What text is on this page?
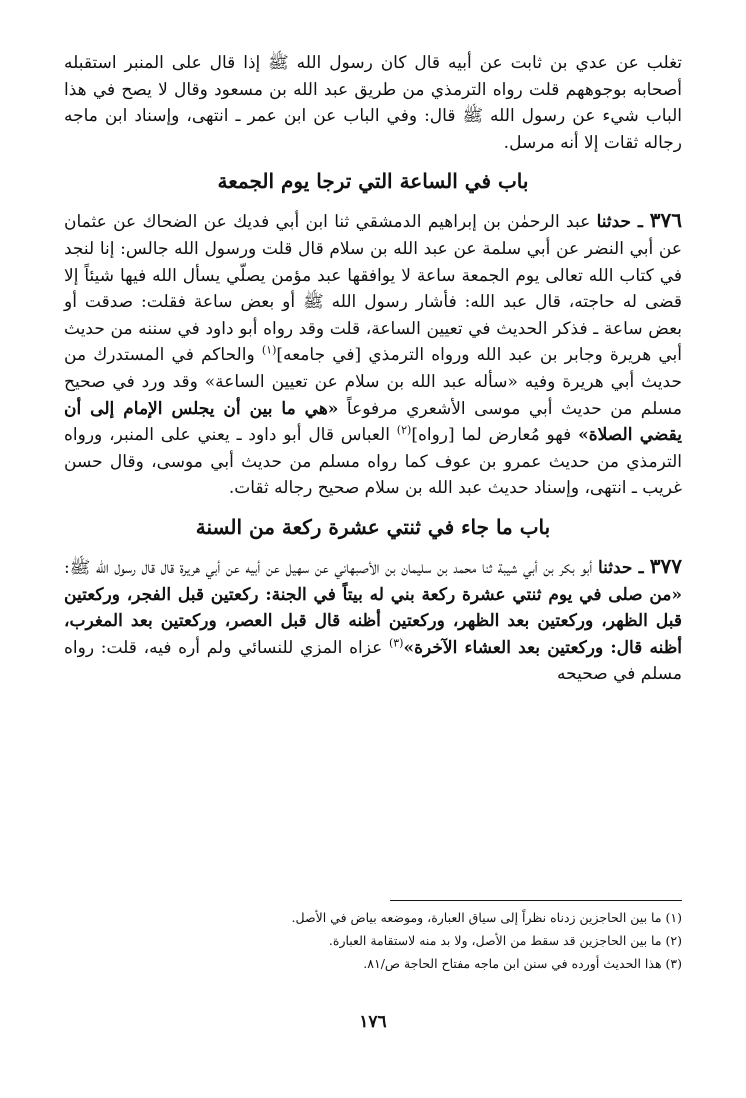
تغلب عن عدي بن ثابت عن أبيه قال كان رسول الله ﷺ إذا قال على المنبر استقبله أصحابه بوجوههم قلت رواه الترمذي من طريق عبد الله بن مسعود وقال لا يصح في هذا الباب شيء عن رسول الله ﷺ قال: وفي الباب عن ابن عمر ـ انتهى، وإسناد ابن ماجه رجاله ثقات إلا أنه مرسل.

باب في الساعة التي ترجا يوم الجمعة

٣٧٦ ـ حدثنا عبد الرحمٰن بن إبراهيم الدمشقي ثنا ابن أبي فديك عن الضحاك عن عثمان عن أبي النضر عن أبي سلمة عن عبد الله بن سلام قال قلت ورسول الله جالس: إنا لنجد في كتاب الله تعالى يوم الجمعة ساعة لا يوافقها عبد مؤمن يصلّي يسأل الله فيها شيئاً إلا قضى له حاجته، قال عبد الله: فأشار رسول الله ﷺ أو بعض ساعة فقلت: صدقت أو بعض ساعة ـ فذكر الحديث في تعيين الساعة، قلت وقد رواه أبو داود في سننه من حديث أبي هريرة وجابر بن عبد الله ورواه الترمذي [في جامعه]$^{(١)}$ والحاكم في المستدرك من حديث أبي هريرة وفيه «سأله عبد الله بن سلام عن تعيين الساعة» وقد ورد في صحيح مسلم من حديث أبي موسى الأشعري مرفوعاً «هي ما بين أن يجلس الإمام إلى أن يقضي الصلاة» فهو مُعارض لما [رواه]$^{(٢)}$ العباس قال أبو داود ـ يعني على المنبر، ورواه الترمذي من حديث عمرو بن عوف كما رواه مسلم من حديث أبي موسى، وقال حسن غريب ـ انتهى، وإسناد حديث عبد الله بن سلام صحيح رجاله ثقات.

باب ما جاء في ثنتي عشرة ركعة من السنة

٣٧٧ ـ حدثنا أبو بكر بن أبي شيبة ثنا محمد بن سليمان بن الأصبهاني عن سهيل عن أبيه عن أبي هريرة قال قال رسول الله ﷺ: «من صلى في يوم ثنتي عشرة ركعة بني له بيتاً في الجنة: ركعتين قبل الفجر، وركعتين قبل الظهر، وركعتين بعد الظهر، وركعتين أظنه قال قبل العصر، وركعتين بعد المغرب، أظنه قال: وركعتين بعد العشاء الآخرة»$^{(٣)}$ عزاه المزي للنسائي ولم أره فيه، قلت: رواه مسلم في صحيحه

(١) ما بين الحاجزين زدناه نظراً إلى سياق العبارة، وموضعه بياض في الأصل.

(٢) ما بين الحاجزين قد سقط من الأصل، ولا بد منه لاستقامة العبارة.

(٣) هذا الحديث أورده في سنن ابن ماجه مفتاح الحاجة ص/٨١.

١٧٦
